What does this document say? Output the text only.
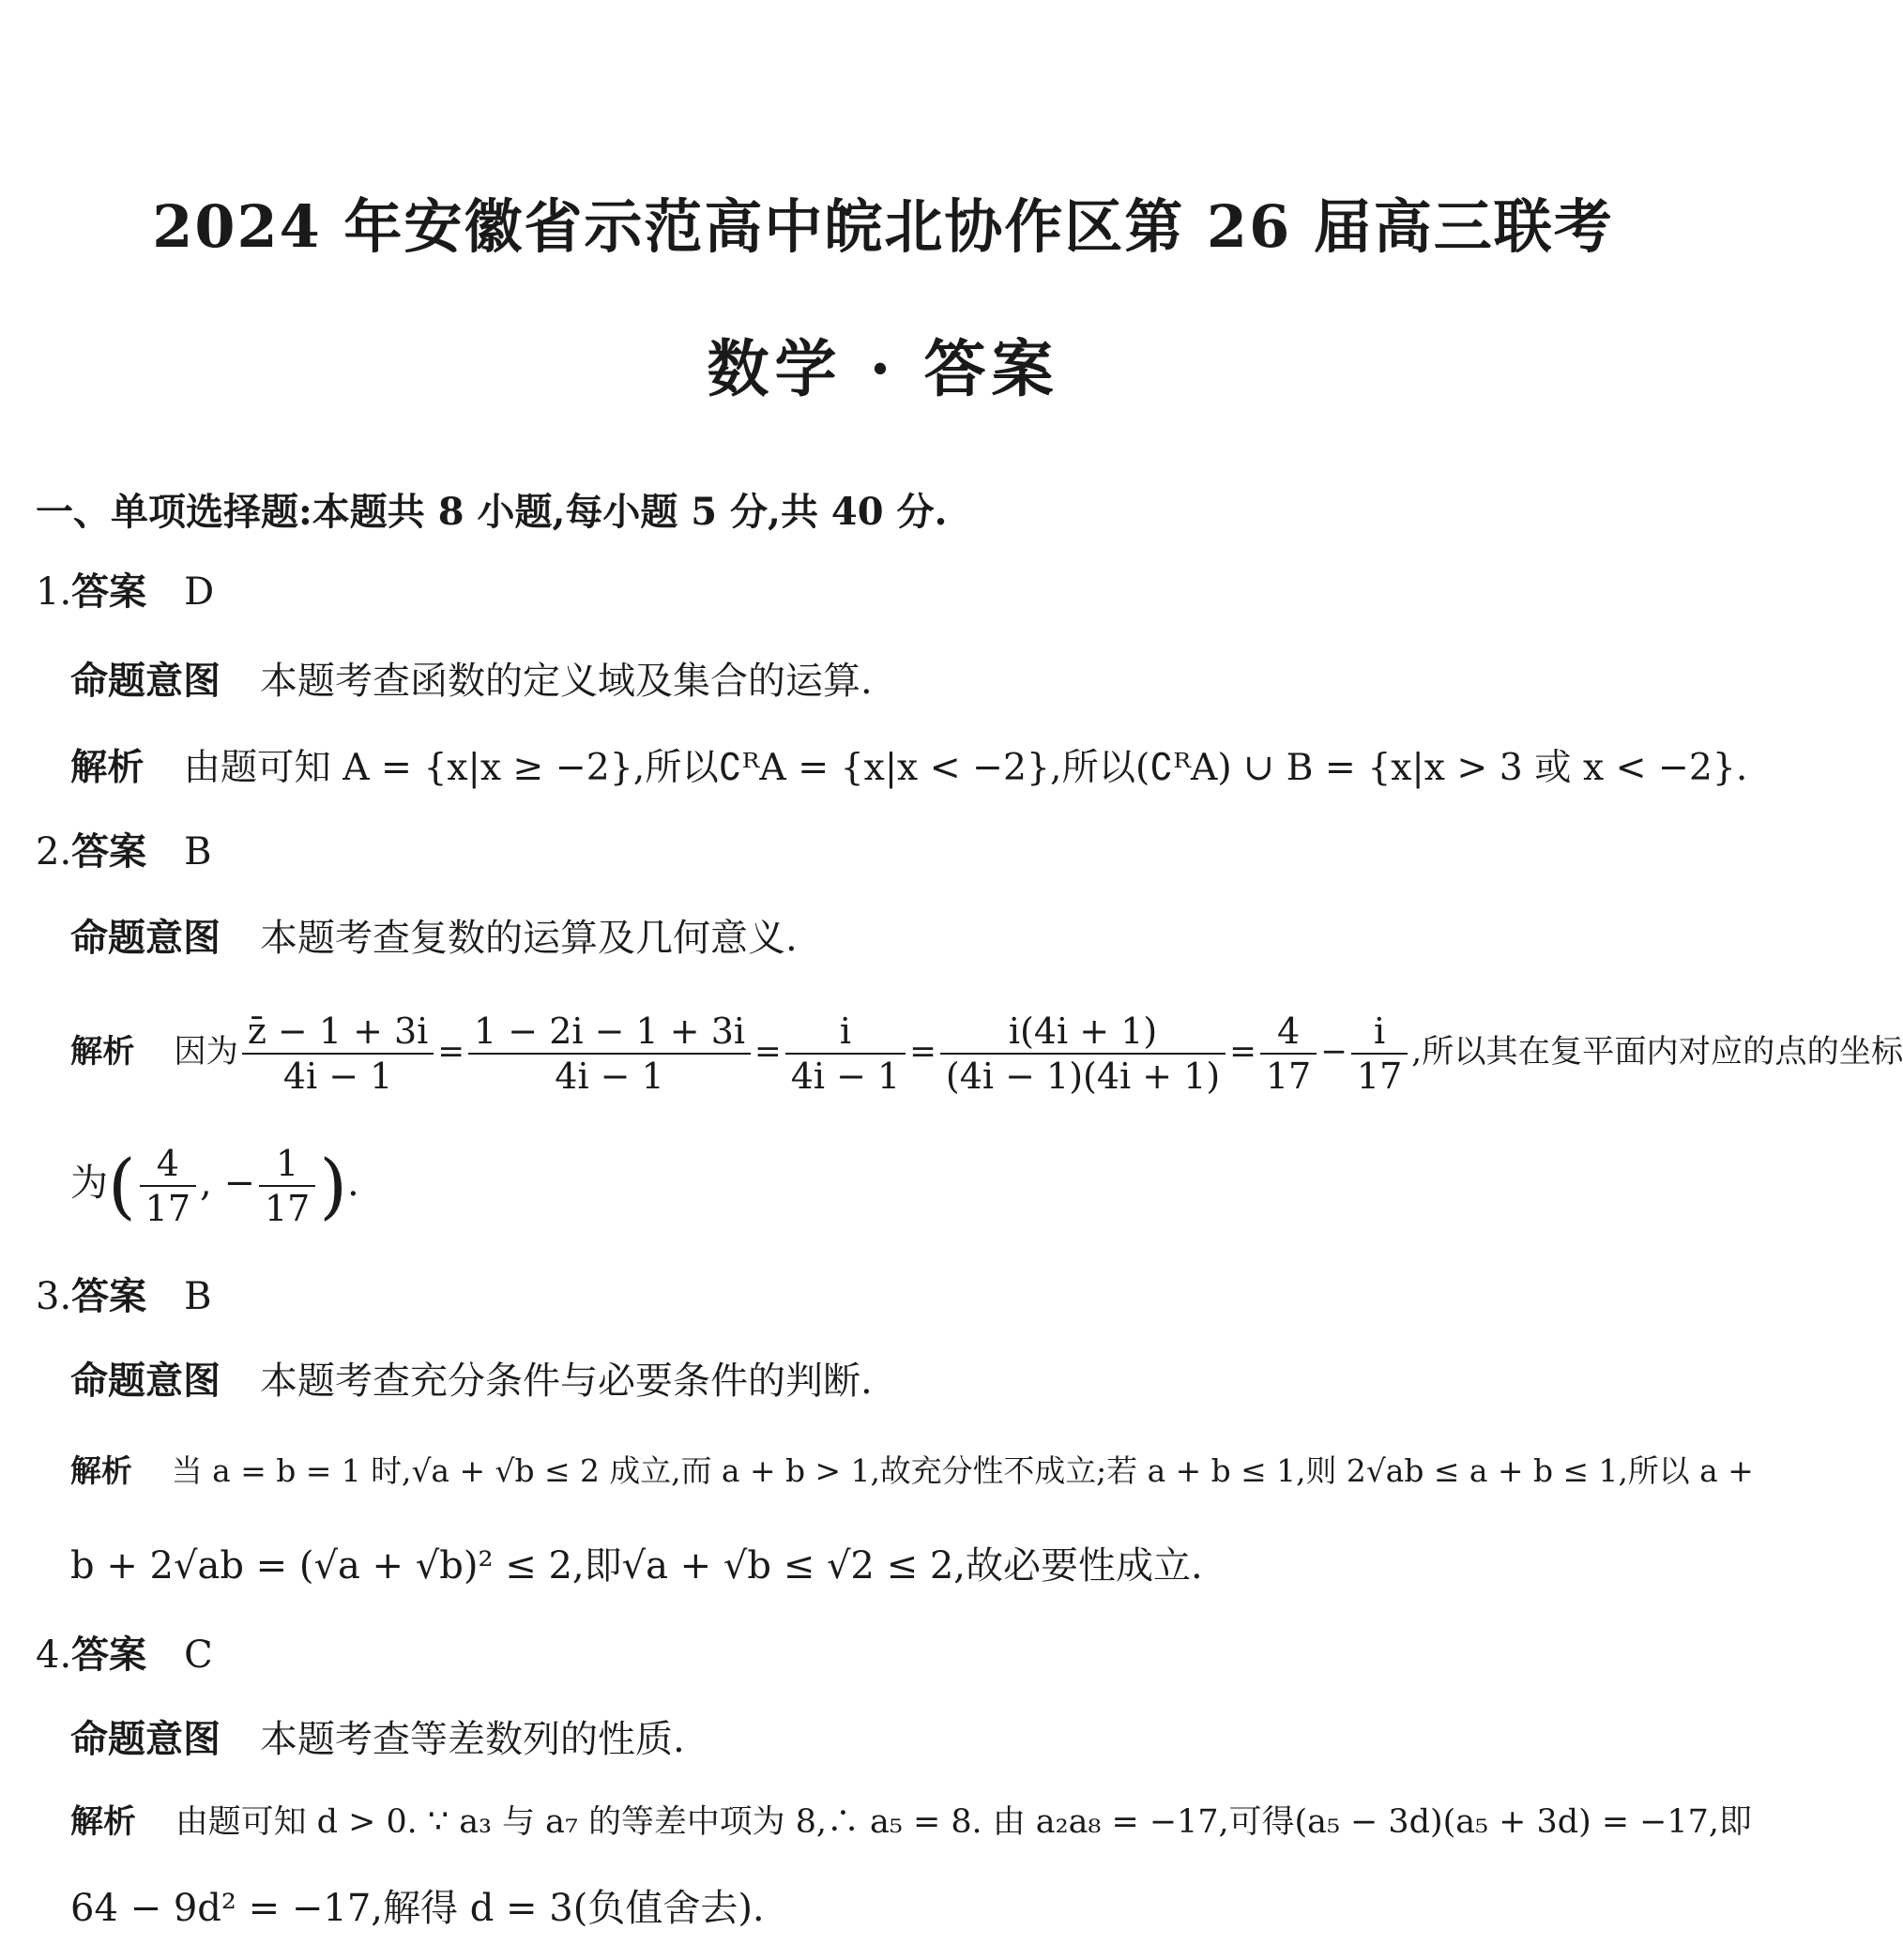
2024 年安徽省示范高中皖北协作区第 26 届高三联考
数学 · 答案
一、单项选择题:本题共 8 小题,每小题 5 分,共 40 分.
1.答案 D
命题意图 本题考查函数的定义域及集合的运算.
解析 由题可知 A = {x|x ≥ −2},所以∁ᴿA = {x|x < −2},所以(∁ᴿA) ∪ B = {x|x > 3 或 x < −2}.
2.答案 B
命题意图 本题考查复数的运算及几何意义.
解析 因为 $\frac{z̄ - 1 + 3i}{4i - 1} = \frac{1 - 2i - 1 + 3i}{4i - 1} = \frac{i}{4i - 1} = \frac{i(4i + 1)}{(4i - 1)(4i + 1)} = \frac{4}{17} - \frac{i}{17}$ ,所以其在复平面内对应的点的坐标
为( $\frac{4}{17}$ , − $\frac{1}{17}$ ).
3.答案 B
命题意图 本题考查充分条件与必要条件的判断.
解析 当 a = b = 1 时,√a + √b ≤ 2 成立,而 a + b > 1,故充分性不成立;若 a + b ≤ 1,则 2√ab ≤ a + b ≤ 1,所以 a +
b + 2√ab = (√a + √b)² ≤ 2,即√a + √b ≤ √2 ≤ 2,故必要性成立.
4.答案 C
命题意图 本题考查等差数列的性质.
解析 由题可知 d > 0. ∵ a₃ 与 a₇ 的等差中项为 8,∴ a₅ = 8. 由 a₂a₈ = −17,可得(a₅ − 3d)(a₅ + 3d) = −17,即
64 − 9d² = −17,解得 d = 3(负值舍去).
